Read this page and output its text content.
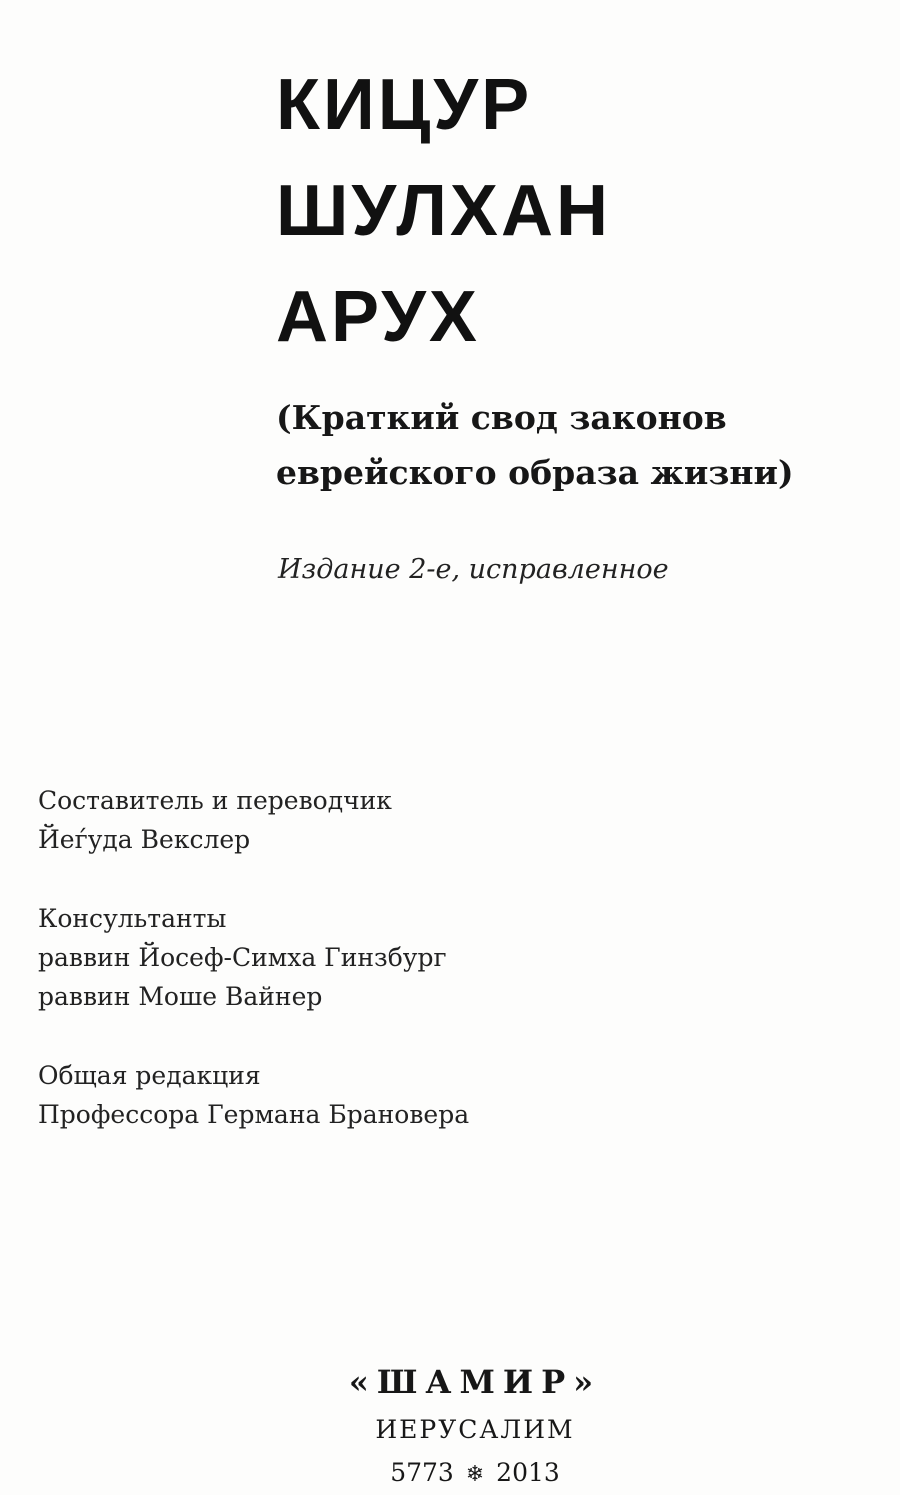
КИЦУР
ШУЛХАН
АРУХ
(Краткий свод законов
еврейского образа жизни)
Издание 2-е, исправленное
Составитель и переводчик
Йеѓуда Векслер
Консультанты
раввин Йосеф-Симха Гинзбург
раввин Моше Вайнер
Общая редакция
Профессора Германа Брановера
«ШАМИР»
ИЕРУСАЛИМ
5773 ❄ 2013
